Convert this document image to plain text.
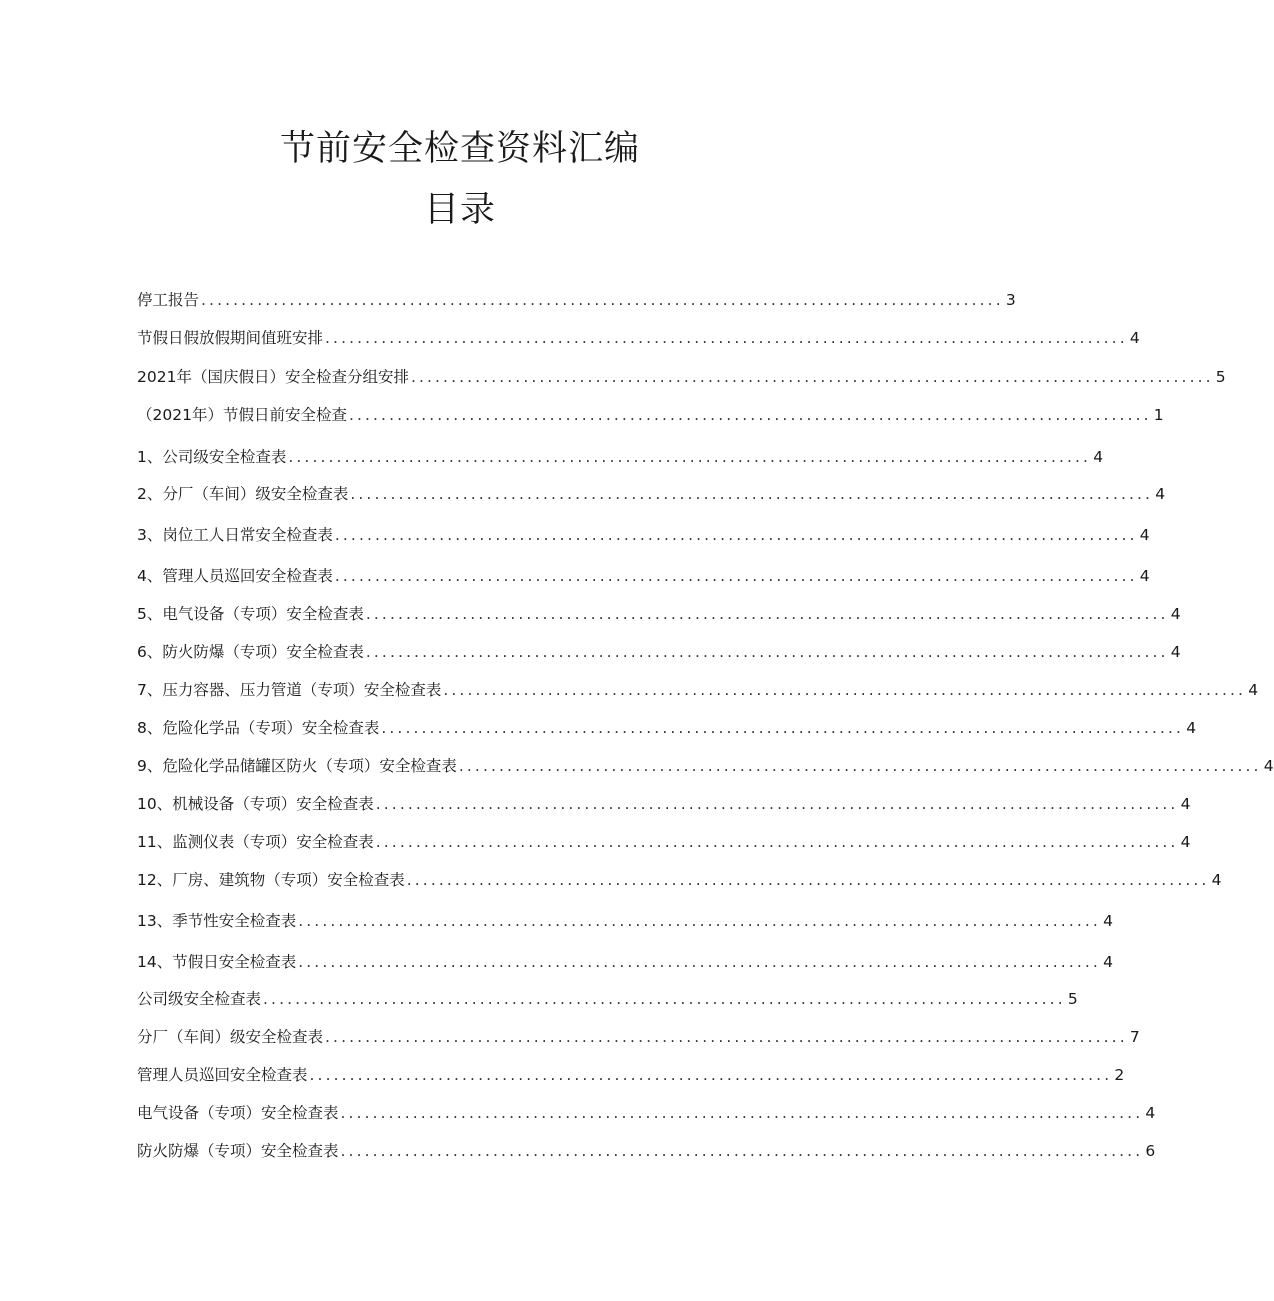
节前安全检查资料汇编
目录
停工报告 .................................................................................................... 3
节假日假放假期间值班安排 .................................................................................................... 4
2021年（国庆假日）安全检查分组安排 .................................................................................................... 5
（2021年）节假日前安全检查 .................................................................................................... 1
1、公司级安全检查表 .................................................................................................... 4
2、分厂（车间）级安全检查表 .................................................................................................... 4
3、岗位工人日常安全检查表 .................................................................................................... 4
4、管理人员巡回安全检查表 .................................................................................................... 4
5、电气设备（专项）安全检查表 .................................................................................................... 4
6、防火防爆（专项）安全检查表 .................................................................................................... 4
7、压力容器、压力管道（专项）安全检查表 .................................................................................................... 4
8、危险化学品（专项）安全检查表 .................................................................................................... 4
9、危险化学品储罐区防火（专项）安全检查表 .................................................................................................... 4
10、机械设备（专项）安全检查表 .................................................................................................... 4
11、监测仪表（专项）安全检查表 .................................................................................................... 4
12、厂房、建筑物（专项）安全检查表 .................................................................................................... 4
13、季节性安全检查表 .................................................................................................... 4
14、节假日安全检查表 .................................................................................................... 4
公司级安全检查表 .................................................................................................... 5
分厂（车间）级安全检查表 .................................................................................................... 7
管理人员巡回安全检查表 .................................................................................................... 2
电气设备（专项）安全检查表 .................................................................................................... 4
防火防爆（专项）安全检查表 .................................................................................................... 6
